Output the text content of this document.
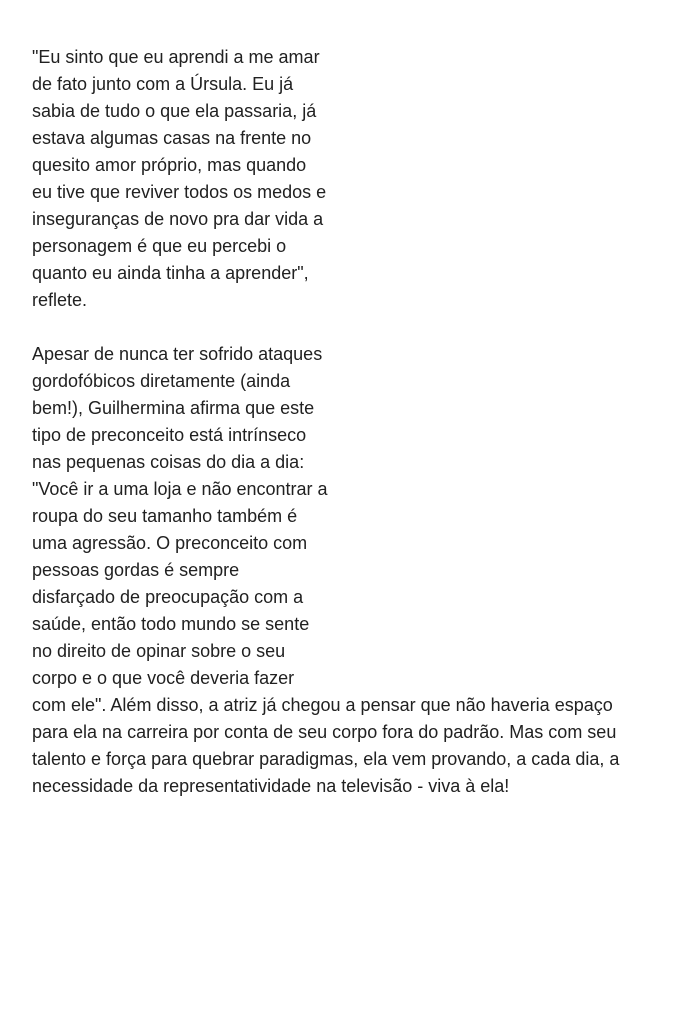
"Eu sinto que eu aprendi a me amar
de fato junto com a Úrsula. Eu já
sabia de tudo o que ela passaria, já
estava algumas casas na frente no
quesito amor próprio, mas quando
eu tive que reviver todos os medos e
inseguranças de novo pra dar vida a
personagem é que eu percebi o
quanto eu ainda tinha a aprender",
reflete.

Apesar de nunca ter sofrido ataques
gordofóbicos diretamente (ainda
bem!), Guilhermina afirma que este
tipo de preconceito está intrínseco
nas pequenas coisas do dia a dia:
"Você ir a uma loja e não encontrar a
roupa do seu tamanho também é
uma agressão. O preconceito com
pessoas gordas é sempre
disfarçado de preocupação com a
saúde, então todo mundo se sente
no direito de opinar sobre o seu
corpo e o que você deveria fazer
com ele". Além disso, a atriz já chegou a pensar que não haveria espaço
para ela na carreira por conta de seu corpo fora do padrão. Mas com seu
talento e força para quebrar paradigmas, ela vem provando, a cada dia, a
necessidade da representatividade na televisão - viva à ela!
